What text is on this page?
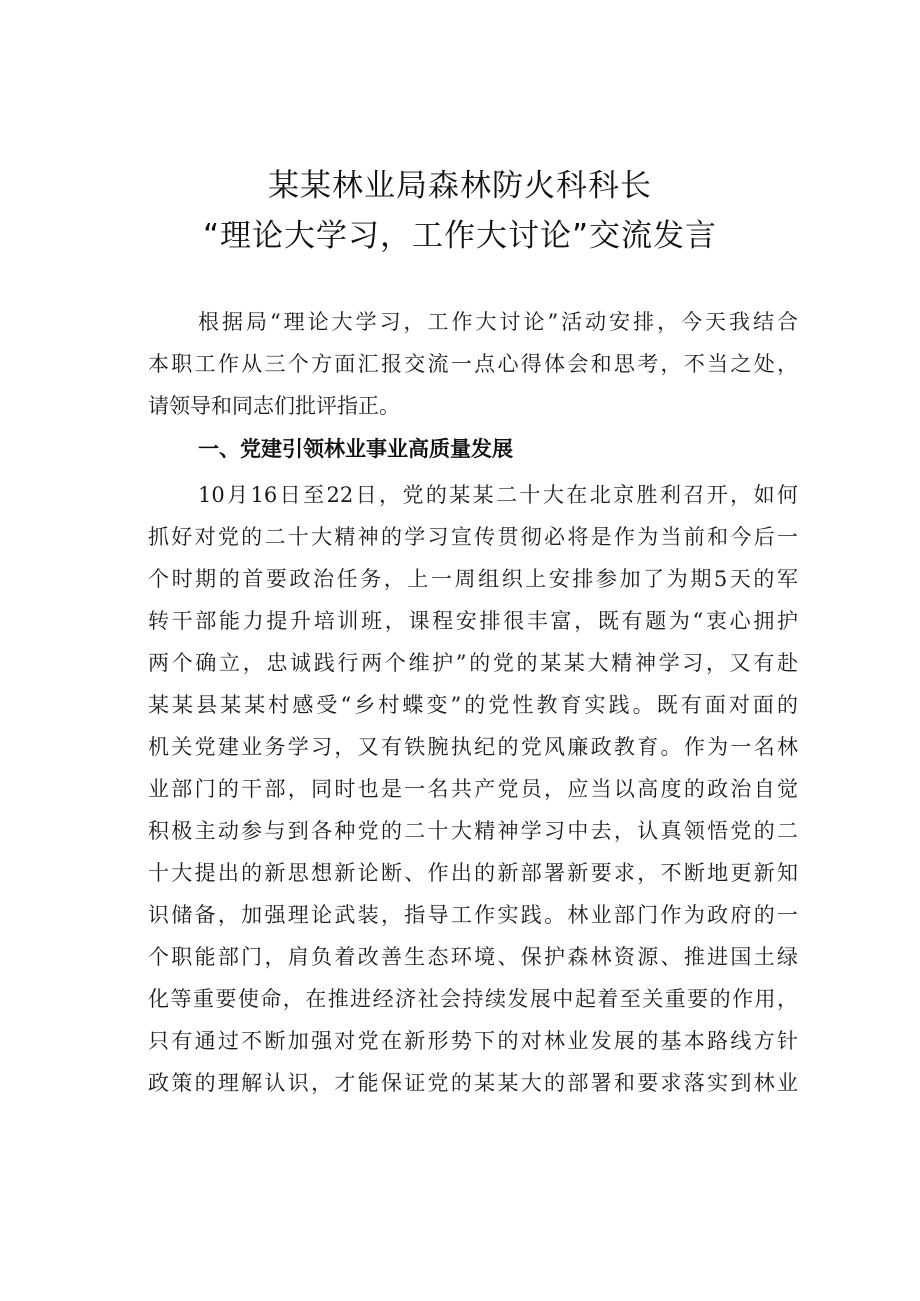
某某林业局森林防火科科长
“理论大学习，工作大讨论”交流发言
根据局“理论大学习，工作大讨论”活动安排，今天我结合
本职工作从三个方面汇报交流一点心得体会和思考，不当之处，
请领导和同志们批评指正。
一、党建引领林业事业高质量发展
10月16日至22日，党的某某二十大在北京胜利召开，如何
抓好对党的二十大精神的学习宣传贯彻必将是作为当前和今后一
个时期的首要政治任务，上一周组织上安排参加了为期5天的军
转干部能力提升培训班，课程安排很丰富，既有题为“衷心拥护
两个确立，忠诚践行两个维护”的党的某某大精神学习，又有赴
某某县某某村感受“乡村蝶变”的党性教育实践。既有面对面的
机关党建业务学习，又有铁腕执纪的党风廉政教育。作为一名林
业部门的干部，同时也是一名共产党员，应当以高度的政治自觉
积极主动参与到各种党的二十大精神学习中去，认真领悟党的二
十大提出的新思想新论断、作出的新部署新要求，不断地更新知
识储备，加强理论武装，指导工作实践。林业部门作为政府的一
个职能部门，肩负着改善生态环境、保护森林资源、推进国土绿
化等重要使命，在推进经济社会持续发展中起着至关重要的作用，
只有通过不断加强对党在新形势下的对林业发展的基本路线方针
政策的理解认识，才能保证党的某某大的部署和要求落实到林业
